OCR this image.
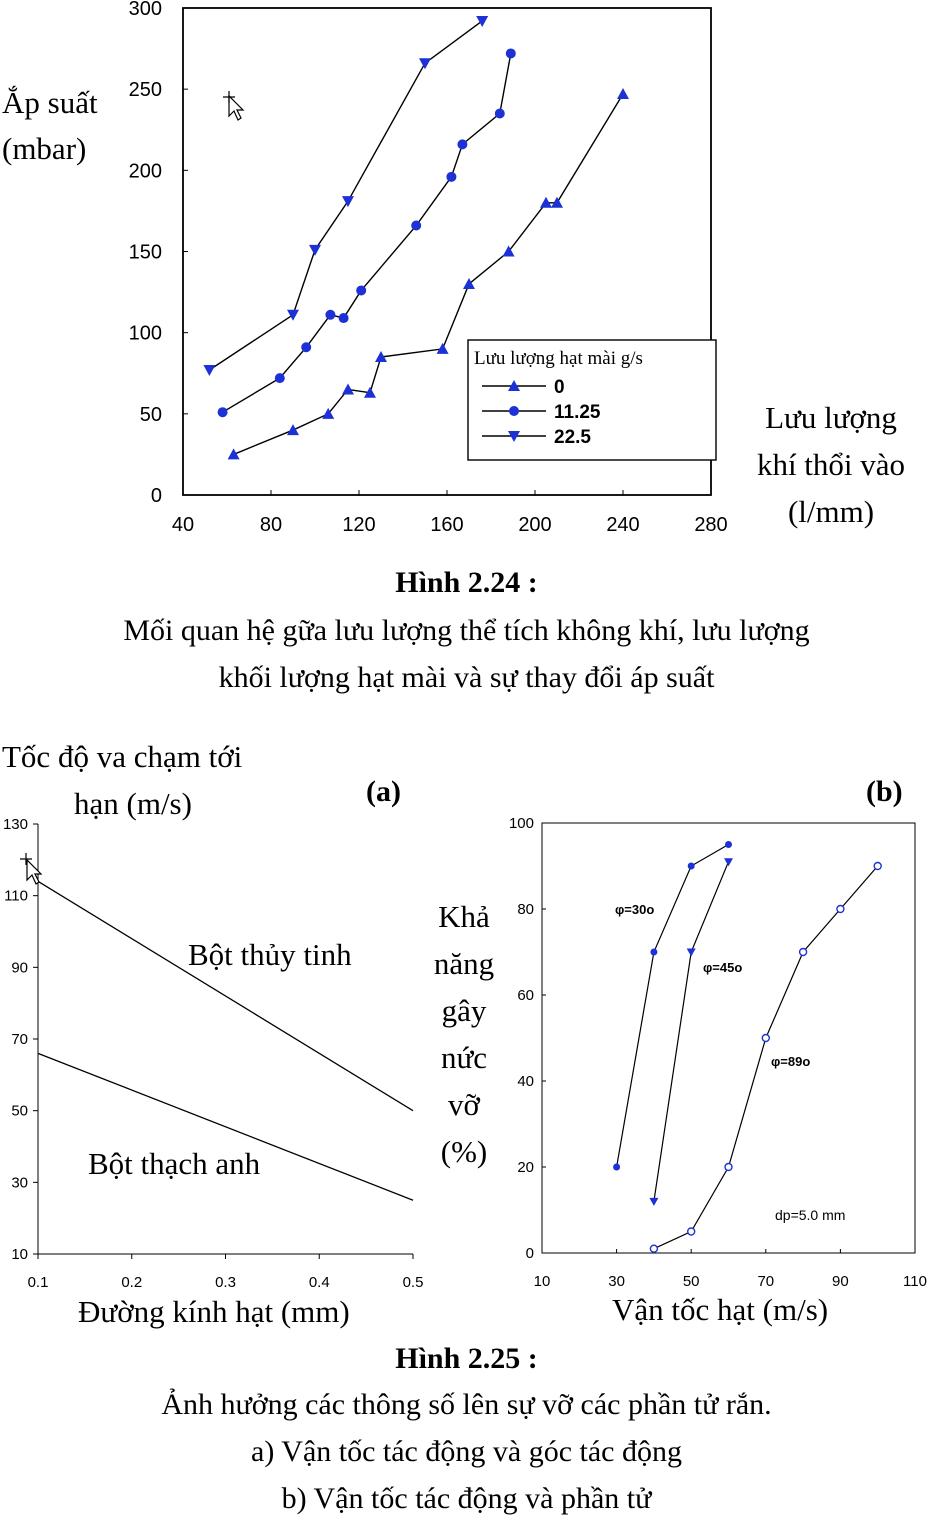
Ắp suất
(mbar)
Lưu lượng
khí thổi vào
(l/mm)
40	80	120	160	200	240	280
0
50
100
150
200
250
300
Lưu lượng hạt mài g/s
0
11.25
22.5
Hình 2.24 :
Mối quan hệ gữa lưu lượng thể tích không khí, lưu lượng
khối lượng hạt mài và sự thay đổi áp suất
Tốc độ va chạm tới
hạn (m/s)	(a)	(b)
Khả
năng
gây
nức
vỡ
(%)
0.1	0.2	0.3	0.4	0.5
10
30
50
70
90
110
130
Bột thủy tinh
Bột thạch anh
10	30	50	70	90	110
0
20
40
60
80
100
φ=30o
φ=45o
φ=89o
dp=5.0 mm
Đường kính hạt (mm)	Vận tốc hạt (m/s)
Hình 2.25 :
Ảnh hưởng các thông số lên sự vỡ các phần tử rắn.
a) Vận tốc tác động và góc tác động
b) Vận tốc tác động và phần tử
